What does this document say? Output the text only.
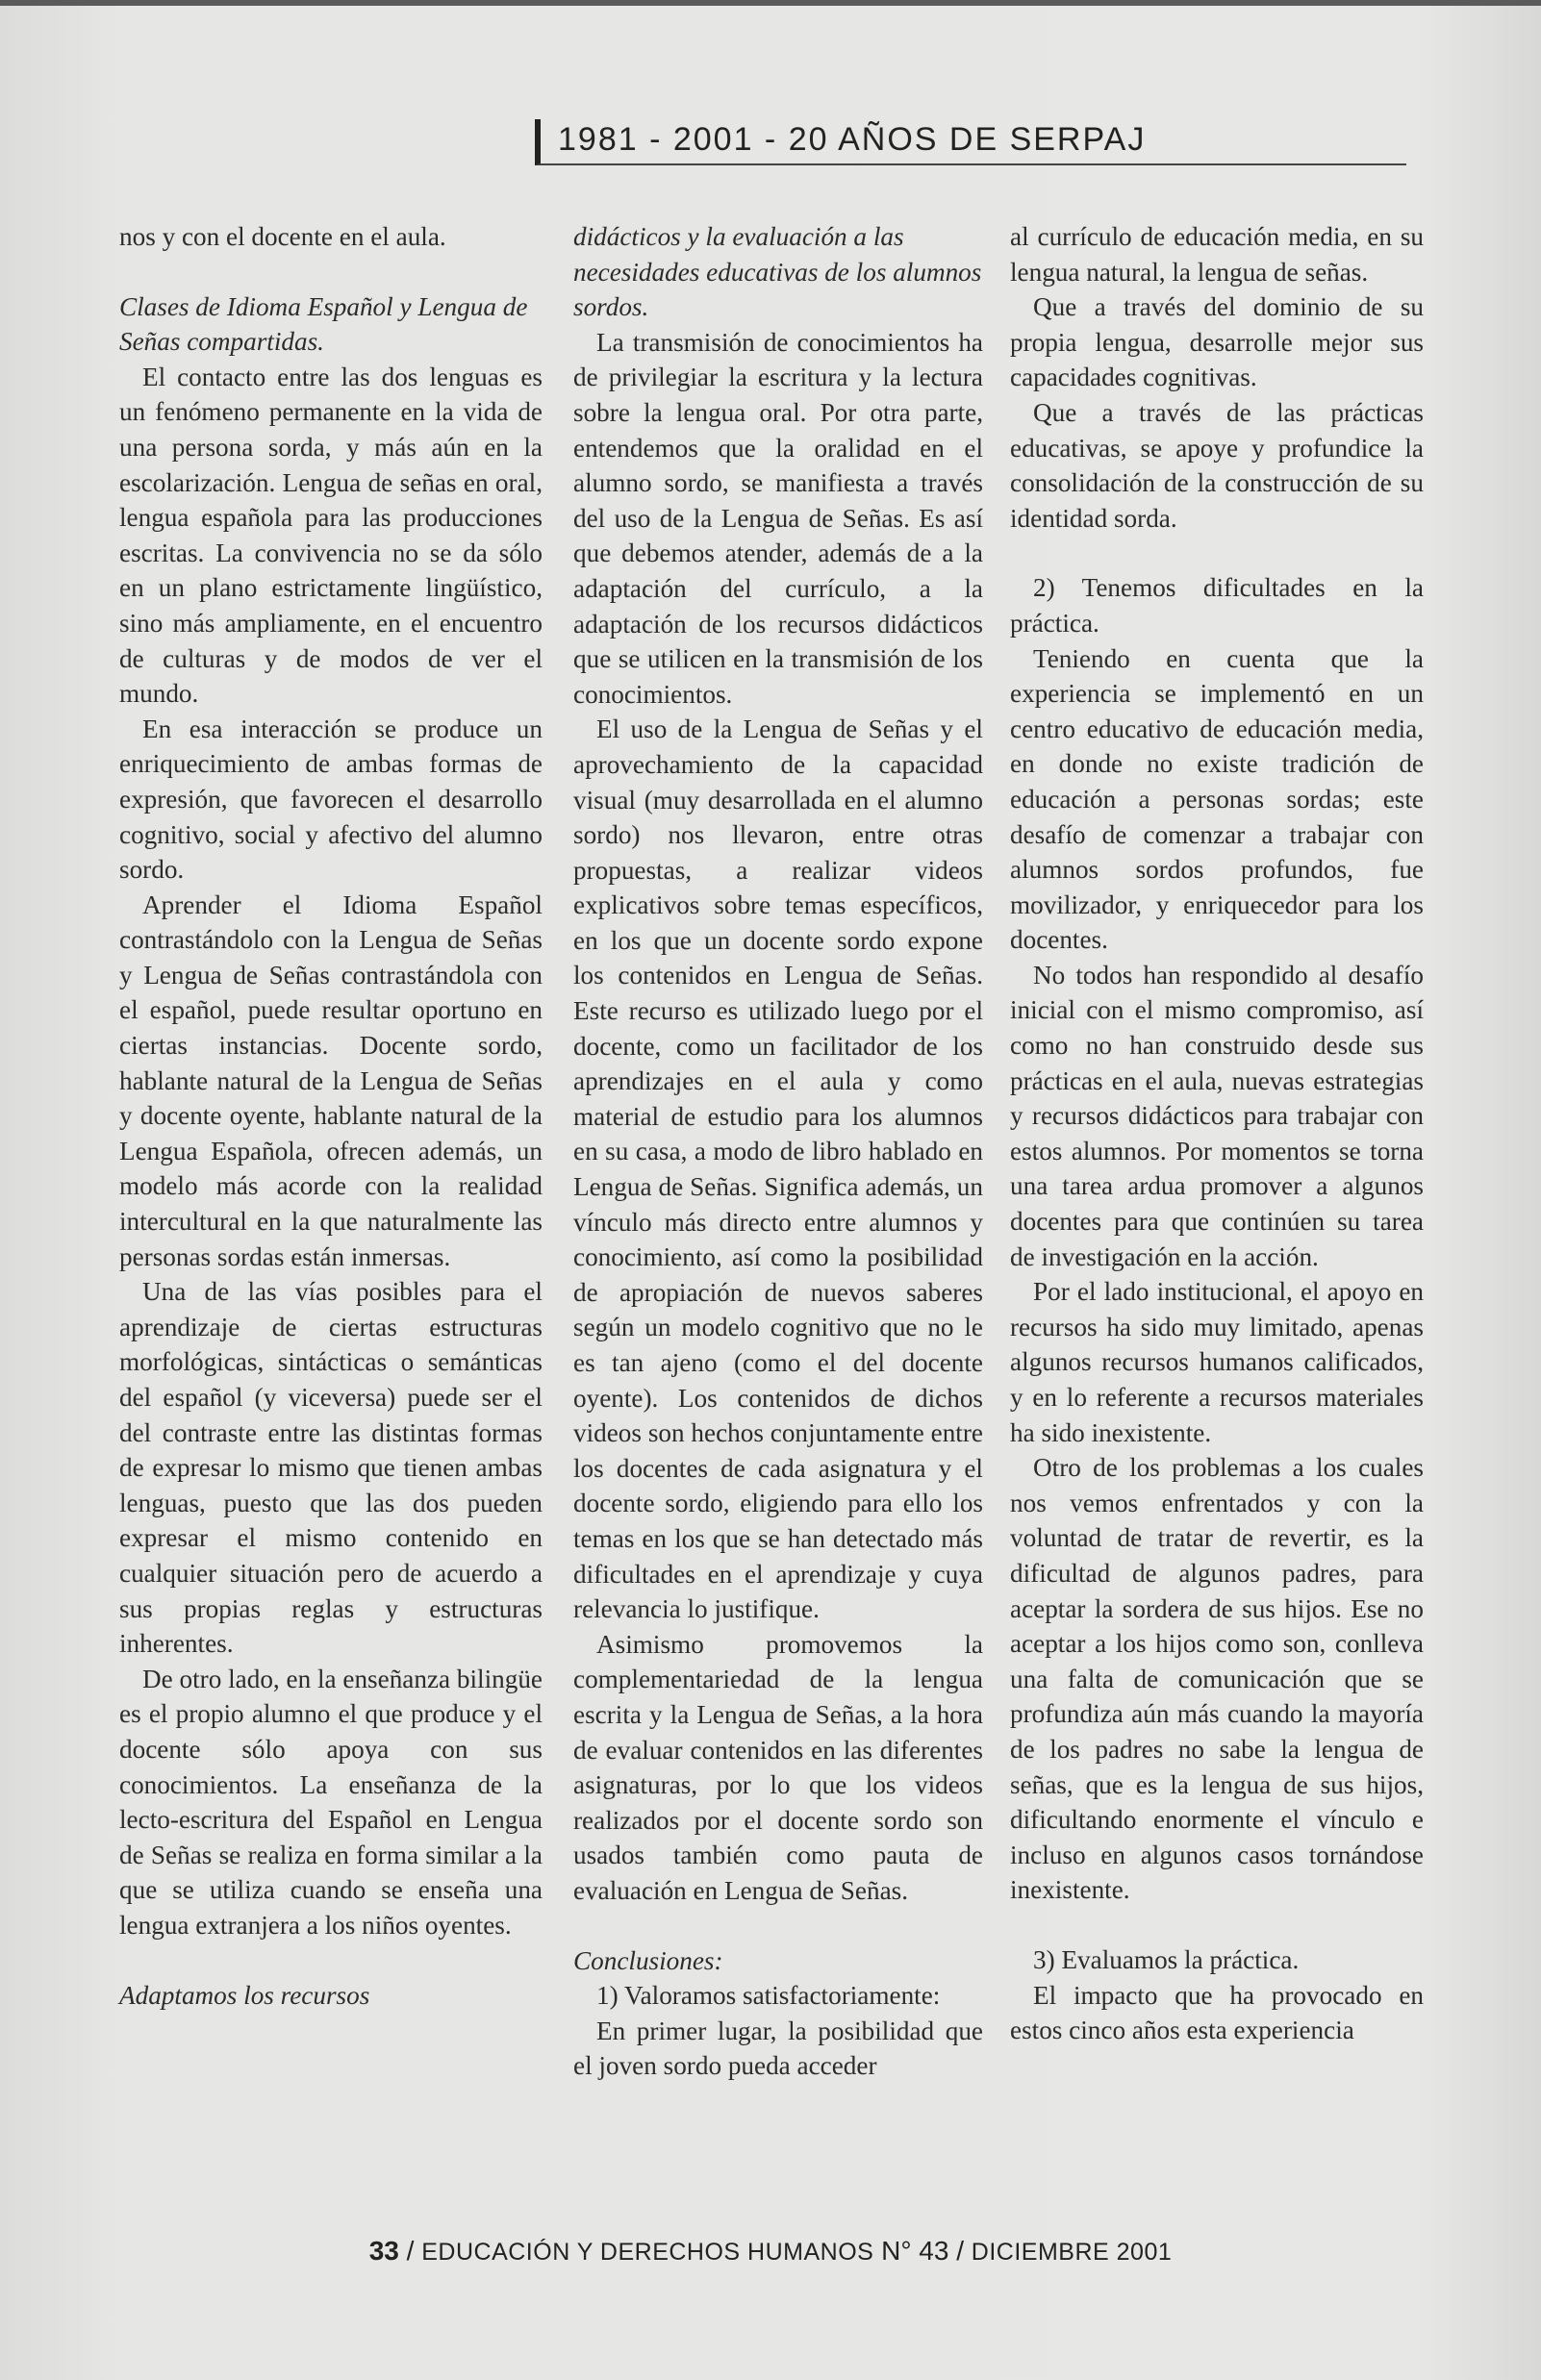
1981 - 2001 - 20 AÑOS DE SERPAJ

nos y con el docente en el aula.

Clases de Idioma Español y Lengua de Señas compartidas.

El contacto entre las dos lenguas es un fenómeno permanente en la vida de una persona sorda, y más aún en la escolarización. Lengua de señas en oral, lengua española para las producciones escritas. La convivencia no se da sólo en un plano estrictamente lingüístico, sino más ampliamente, en el encuentro de culturas y de modos de ver el mundo.

En esa interacción se produce un enriquecimiento de ambas formas de expresión, que favorecen el desarrollo cognitivo, social y afectivo del alumno sordo.

Aprender el Idioma Español contrastándolo con la Lengua de Señas y Lengua de Señas contrastándola con el español, puede resultar oportuno en ciertas instancias. Docente sordo, hablante natural de la Lengua de Señas y docente oyente, hablante natural de la Lengua Española, ofrecen además, un modelo más acorde con la realidad intercultural en la que naturalmente las personas sordas están inmersas.

Una de las vías posibles para el aprendizaje de ciertas estructuras morfológicas, sintácticas o semánticas del español (y viceversa) puede ser el del contraste entre las distintas formas de expresar lo mismo que tienen ambas lenguas, puesto que las dos pueden expresar el mismo contenido en cualquier situación pero de acuerdo a sus propias reglas y estructuras inherentes.

De otro lado, en la enseñanza bilingüe es el propio alumno el que produce y el docente sólo apoya con sus conocimientos. La enseñanza de la lecto-escritura del Español en Lengua de Señas se realiza en forma similar a la que se utiliza cuando se enseña una lengua extranjera a los niños oyentes.

Adaptamos los recursos

didácticos y la evaluación a las necesidades educativas de los alumnos sordos.

La transmisión de conocimientos ha de privilegiar la escritura y la lectura sobre la lengua oral. Por otra parte, entendemos que la oralidad en el alumno sordo, se manifiesta a través del uso de la Lengua de Señas. Es así que debemos atender, además de a la adaptación del currículo, a la adaptación de los recursos didácticos que se utilicen en la transmisión de los conocimientos.

El uso de la Lengua de Señas y el aprovechamiento de la capacidad visual (muy desarrollada en el alumno sordo) nos llevaron, entre otras propuestas, a realizar videos explicativos sobre temas específicos, en los que un docente sordo expone los contenidos en Lengua de Señas. Este recurso es utilizado luego por el docente, como un facilitador de los aprendizajes en el aula y como material de estudio para los alumnos en su casa, a modo de libro hablado en Lengua de Señas. Significa además, un vínculo más directo entre alumnos y conocimiento, así como la posibilidad de apropiación de nuevos saberes según un modelo cognitivo que no le es tan ajeno (como el del docente oyente). Los contenidos de dichos videos son hechos conjuntamente entre los docentes de cada asignatura y el docente sordo, eligiendo para ello los temas en los que se han detectado más dificultades en el aprendizaje y cuya relevancia lo justifique.

Asimismo promovemos la complementariedad de la lengua escrita y la Lengua de Señas, a la hora de evaluar contenidos en las diferentes asignaturas, por lo que los videos realizados por el docente sordo son usados también como pauta de evaluación en Lengua de Señas.

Conclusiones:

1) Valoramos satisfactoriamente:

En primer lugar, la posibilidad que el joven sordo pueda acceder

al currículo de educación media, en su lengua natural, la lengua de señas.

Que a través del dominio de su propia lengua, desarrolle mejor sus capacidades cognitivas.

Que a través de las prácticas educativas, se apoye y profundice la consolidación de la construcción de su identidad sorda.

2) Tenemos dificultades en la práctica.

Teniendo en cuenta que la experiencia se implementó en un centro educativo de educación media, en donde no existe tradición de educación a personas sordas; este desafío de comenzar a trabajar con alumnos sordos profundos, fue movilizador, y enriquecedor para los docentes.

No todos han respondido al desafío inicial con el mismo compromiso, así como no han construido desde sus prácticas en el aula, nuevas estrategias y recursos didácticos para trabajar con estos alumnos. Por momentos se torna una tarea ardua promover a algunos docentes para que continúen su tarea de investigación en la acción.

Por el lado institucional, el apoyo en recursos ha sido muy limitado, apenas algunos recursos humanos calificados, y en lo referente a recursos materiales ha sido inexistente.

Otro de los problemas a los cuales nos vemos enfrentados y con la voluntad de tratar de revertir, es la dificultad de algunos padres, para aceptar la sordera de sus hijos. Ese no aceptar a los hijos como son, conlleva una falta de comunicación que se profundiza aún más cuando la mayoría de los padres no sabe la lengua de señas, que es la lengua de sus hijos, dificultando enormente el vínculo e incluso en algunos casos tornándose inexistente.

3) Evaluamos la práctica.

El impacto que ha provocado en estos cinco años esta experiencia

33 / EDUCACIÓN Y DERECHOS HUMANOS N° 43 / DICIEMBRE 2001
